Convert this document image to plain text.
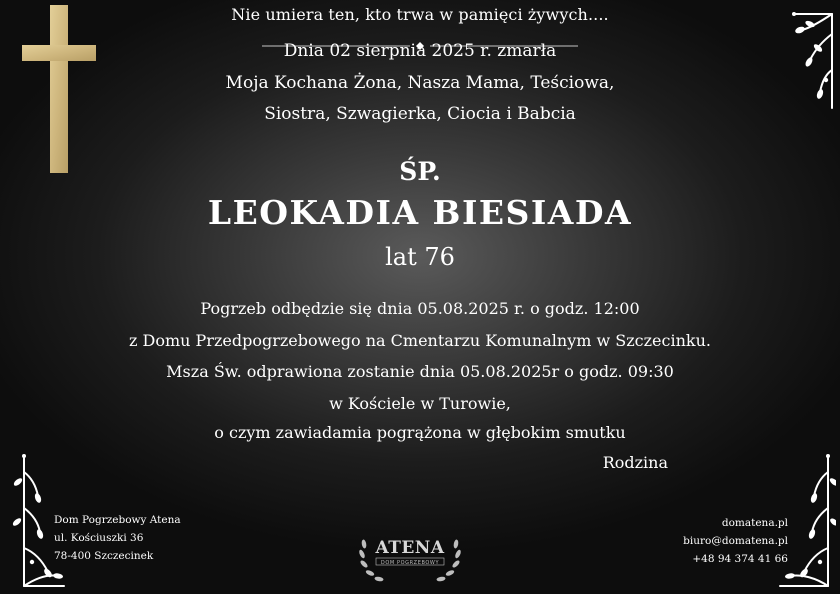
Nie umiera ten, kto trwa w pamięci żywych....
Dnia 02 sierpnia 2025 r. zmarła
Moja Kochana Żona, Nasza Mama, Teściowa,
Siostra, Szwagierka, Ciocia i Babcia
ŚP.
LEOKADIA BIESIADA
lat 76
Pogrzeb odbędzie się dnia 05.08.2025 r. o godz. 12:00
z Domu Przedpogrzebowego na Cmentarzu Komunalnym w Szczecinku.
Msza Św. odprawiona zostanie dnia 05.08.2025r o godz. 09:30
w Kościele w Turowie,
o czym zawiadamia pogrążona w głębokim smutku
Rodzina
Dom Pogrzebowy Atena
ul. Kościuszki 36
78-400 Szczecinek	ATENA
DOM POGRZEBOWY
domatena.pl
biuro@domatena.pl
+48 94 374 41 66
